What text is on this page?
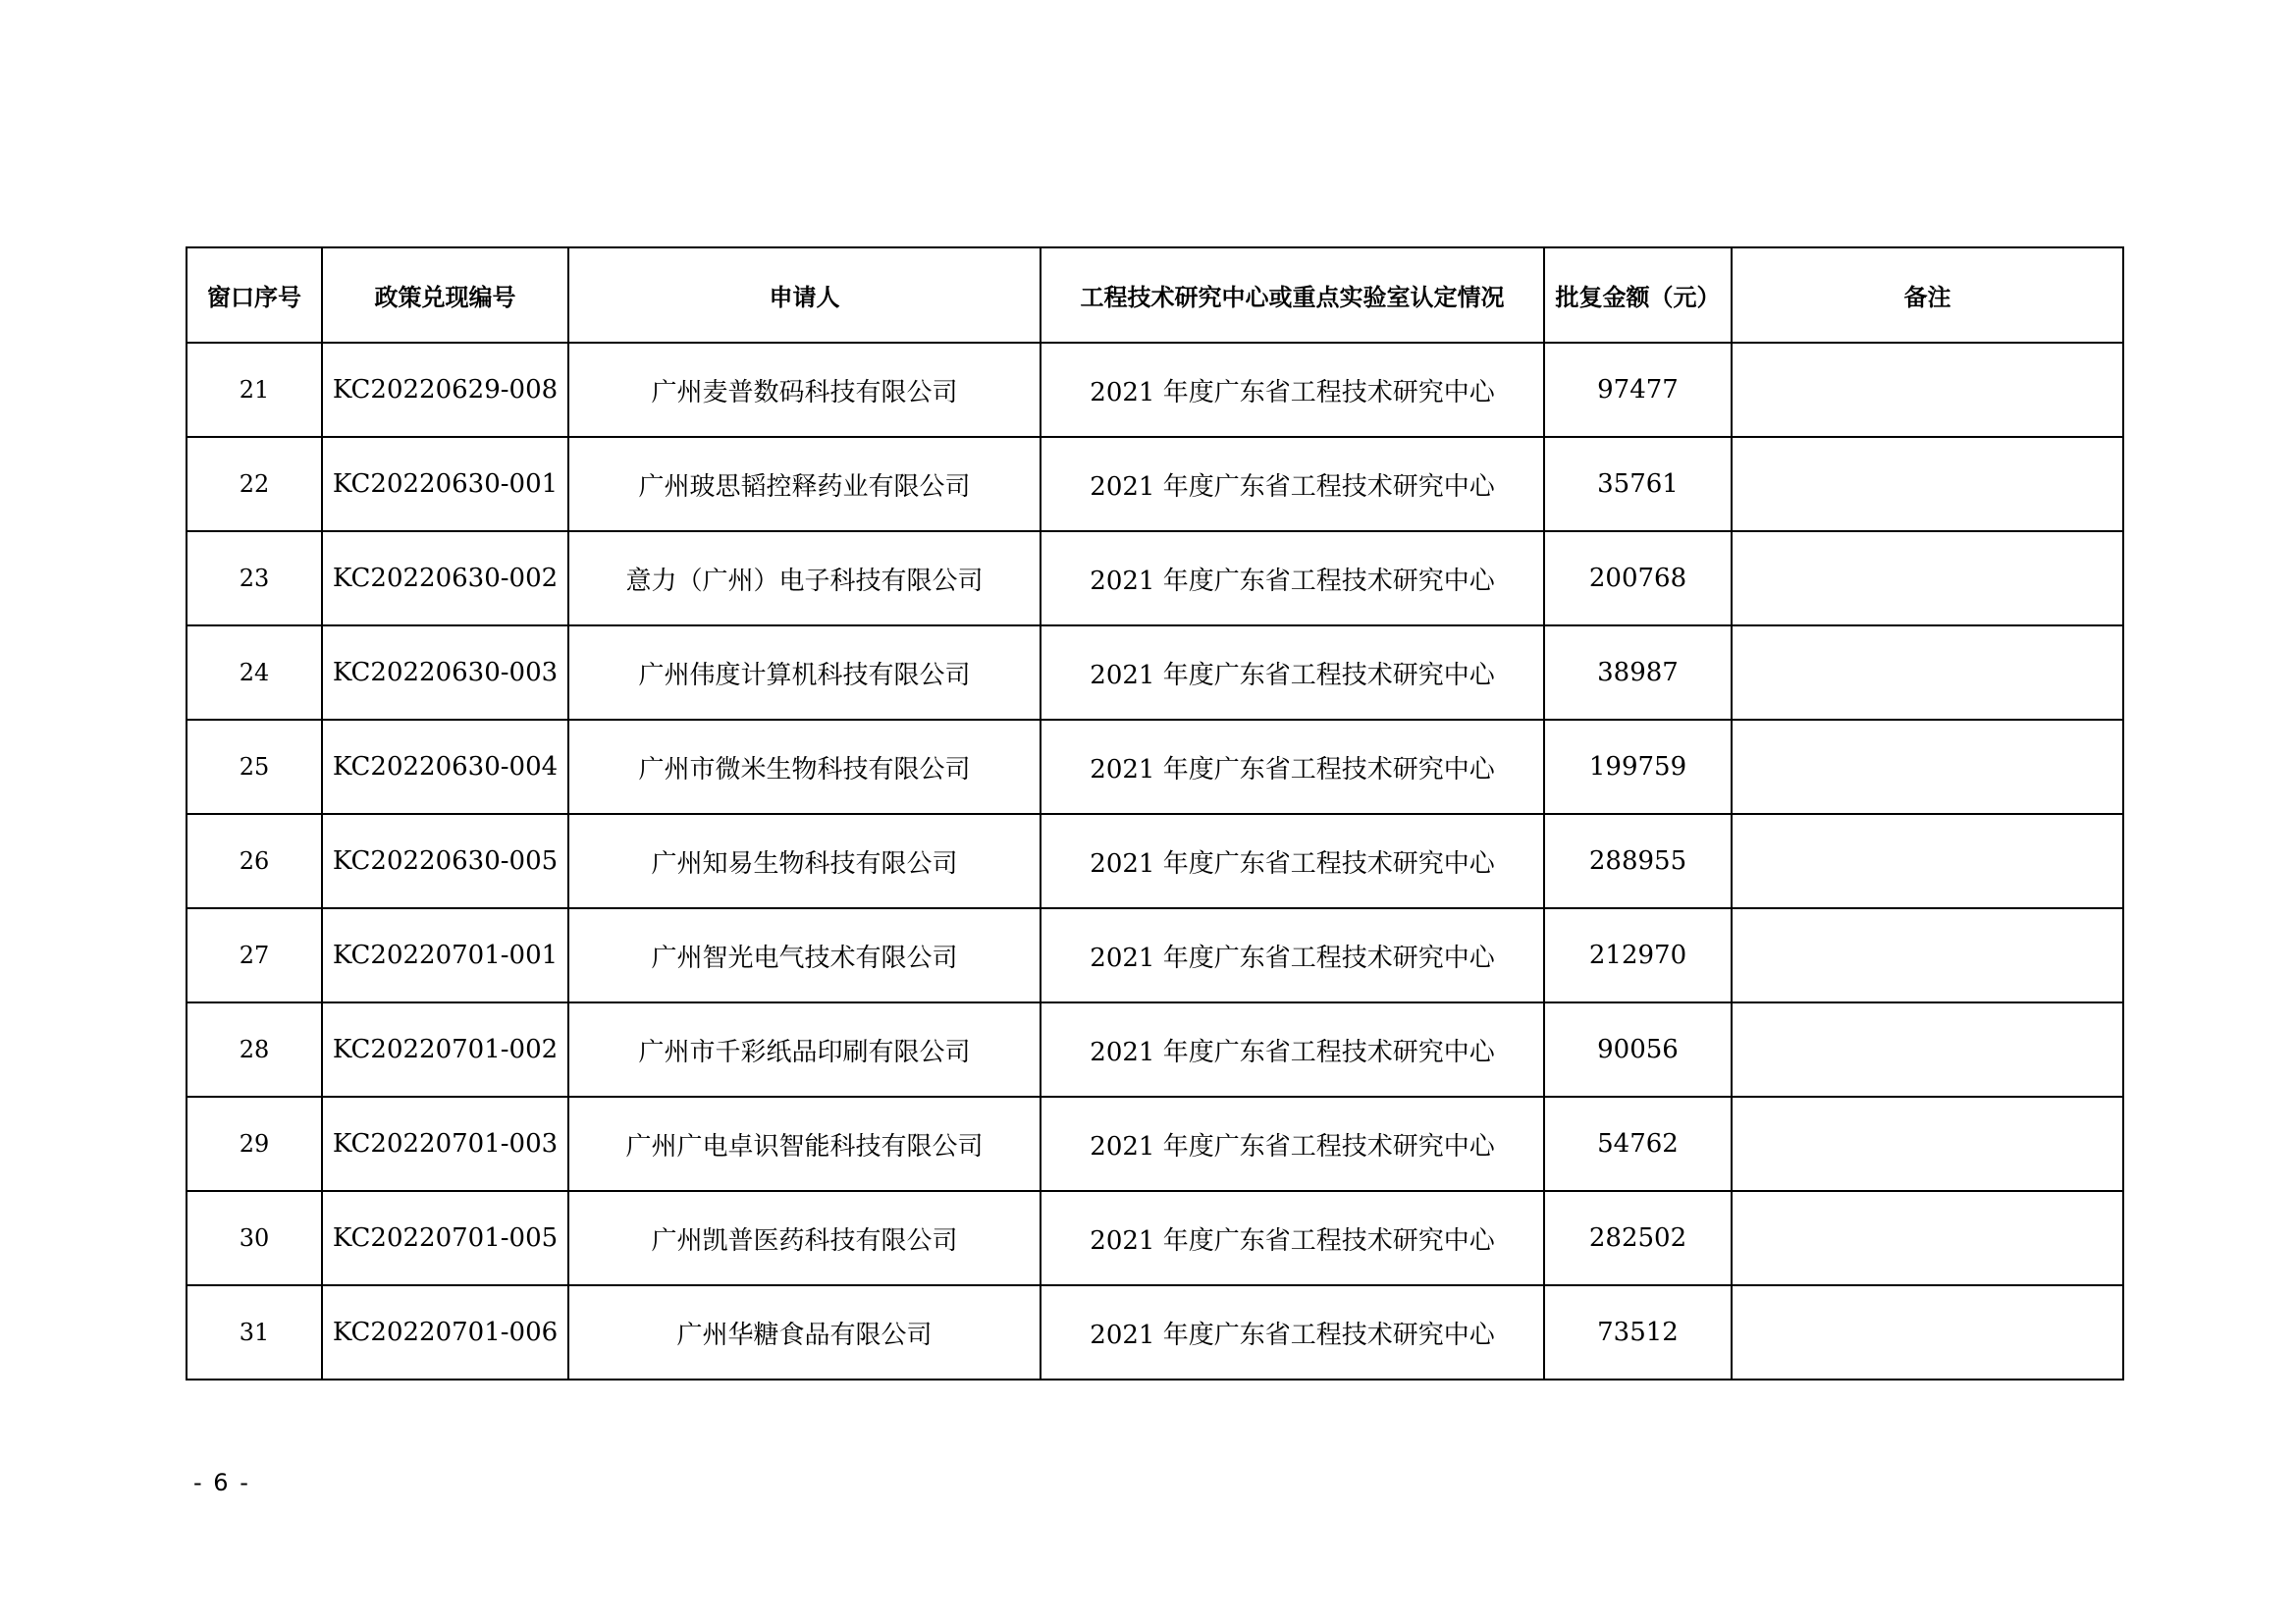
窗口序号	政策兑现编号	申请人	工程技术研究中心或重点实验室认定情况	批复金额（元）	备注
21	KC20220629-008	广州麦普数码科技有限公司	2021 年度广东省工程技术研究中心	97477	
22	KC20220630-001	广州玻思韬控释药业有限公司	2021 年度广东省工程技术研究中心	35761	
23	KC20220630-002	意力（广州）电子科技有限公司	2021 年度广东省工程技术研究中心	200768	
24	KC20220630-003	广州伟度计算机科技有限公司	2021 年度广东省工程技术研究中心	38987	
25	KC20220630-004	广州市微米生物科技有限公司	2021 年度广东省工程技术研究中心	199759	
26	KC20220630-005	广州知易生物科技有限公司	2021 年度广东省工程技术研究中心	288955	
27	KC20220701-001	广州智光电气技术有限公司	2021 年度广东省工程技术研究中心	212970	
28	KC20220701-002	广州市千彩纸品印刷有限公司	2021 年度广东省工程技术研究中心	90056	
29	KC20220701-003	广州广电卓识智能科技有限公司	2021 年度广东省工程技术研究中心	54762	
30	KC20220701-005	广州凯普医药科技有限公司	2021 年度广东省工程技术研究中心	282502	
31	KC20220701-006	广州华糖食品有限公司	2021 年度广东省工程技术研究中心	73512	
- 6 -
